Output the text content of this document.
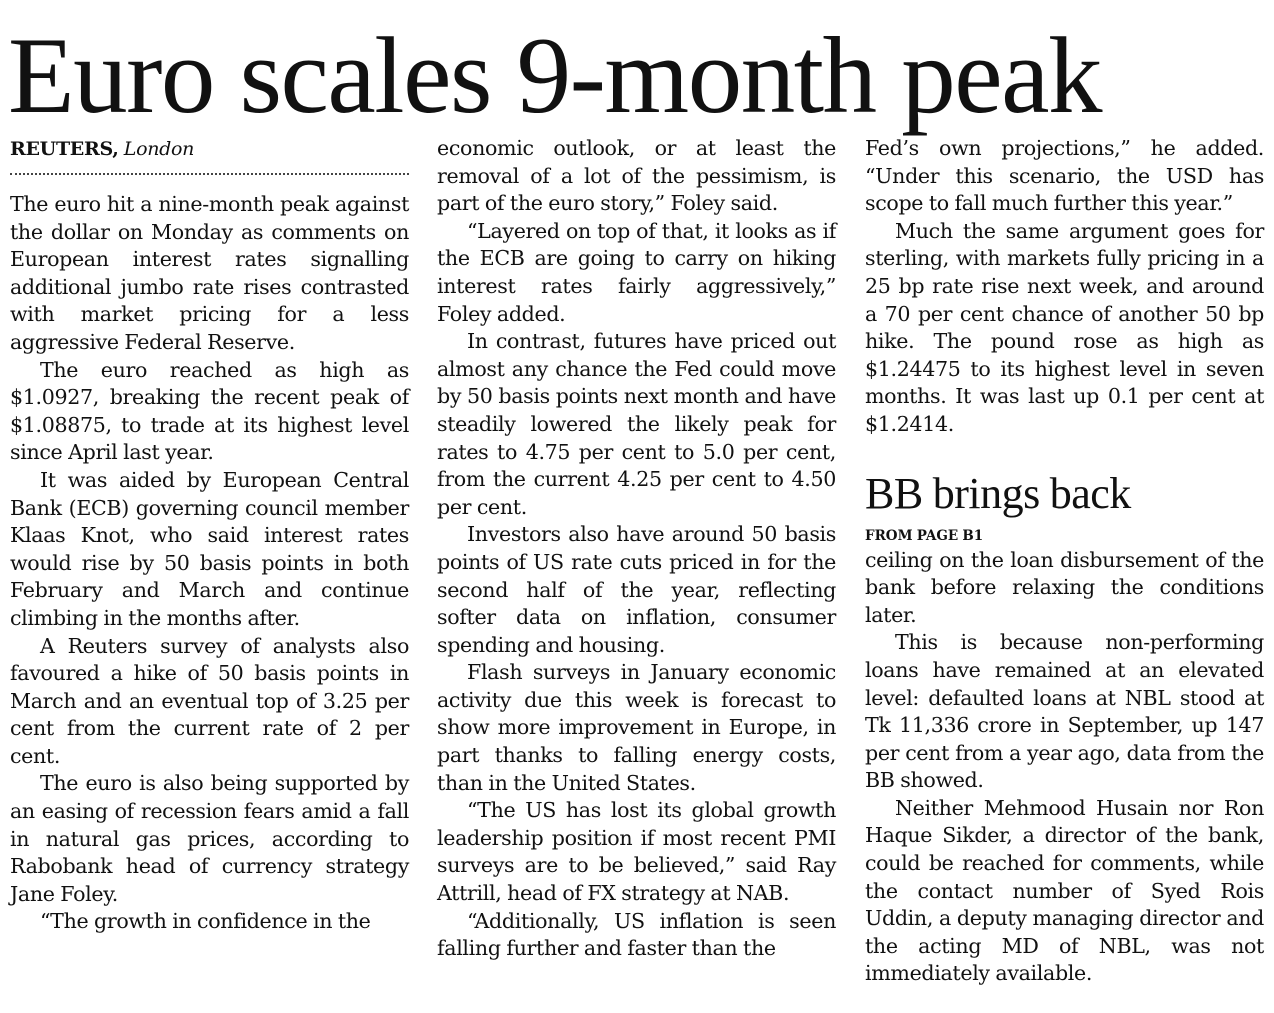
Euro scales 9-month peak
REUTERS, London

The euro hit a nine-month peak against the dollar on Monday as comments on European interest rates signalling additional jumbo rate rises contrasted with market pricing for a less aggressive Federal Reserve.

The euro reached as high as $1.0927, breaking the recent peak of $1.08875, to trade at its highest level since April last year.

It was aided by European Central Bank (ECB) governing council member Klaas Knot, who said interest rates would rise by 50 basis points in both February and March and continue climbing in the months after.

A Reuters survey of analysts also favoured a hike of 50 basis points in March and an eventual top of 3.25 per cent from the current rate of 2 per cent.

The euro is also being supported by an easing of recession fears amid a fall in natural gas prices, according to Rabobank head of currency strategy Jane Foley.

“The growth in confidence in the

economic outlook, or at least the removal of a lot of the pessimism, is part of the euro story,” Foley said.

“Layered on top of that, it looks as if the ECB are going to carry on hiking interest rates fairly aggressively,” Foley added.

In contrast, futures have priced out almost any chance the Fed could move by 50 basis points next month and have steadily lowered the likely peak for rates to 4.75 per cent to 5.0 per cent, from the current 4.25 per cent to 4.50 per cent.

Investors also have around 50 basis points of US rate cuts priced in for the second half of the year, reflecting softer data on inflation, consumer spending and housing.

Flash surveys in January economic activity due this week is forecast to show more improvement in Europe, in part thanks to falling energy costs, than in the United States.

“The US has lost its global growth leadership position if most recent PMI surveys are to be believed,” said Ray Attrill, head of FX strategy at NAB.

“Additionally, US inflation is seen falling further and faster than the

Fed’s own projections,” he added. “Under this scenario, the USD has scope to fall much further this year.”

Much the same argument goes for sterling, with markets fully pricing in a 25 bp rate rise next week, and around a 70 per cent chance of another 50 bp hike. The pound rose as high as $1.24475 to its highest level in seven months. It was last up 0.1 per cent at $1.2414.

BB brings back
FROM PAGE B1

ceiling on the loan disbursement of the bank before relaxing the conditions later.

This is because non-performing loans have remained at an elevated level: defaulted loans at NBL stood at Tk 11,336 crore in September, up 147 per cent from a year ago, data from the BB showed.

Neither Mehmood Husain nor Ron Haque Sikder, a director of the bank, could be reached for comments, while the contact number of Syed Rois Uddin, a deputy managing director and the acting MD of NBL, was not immediately available.
